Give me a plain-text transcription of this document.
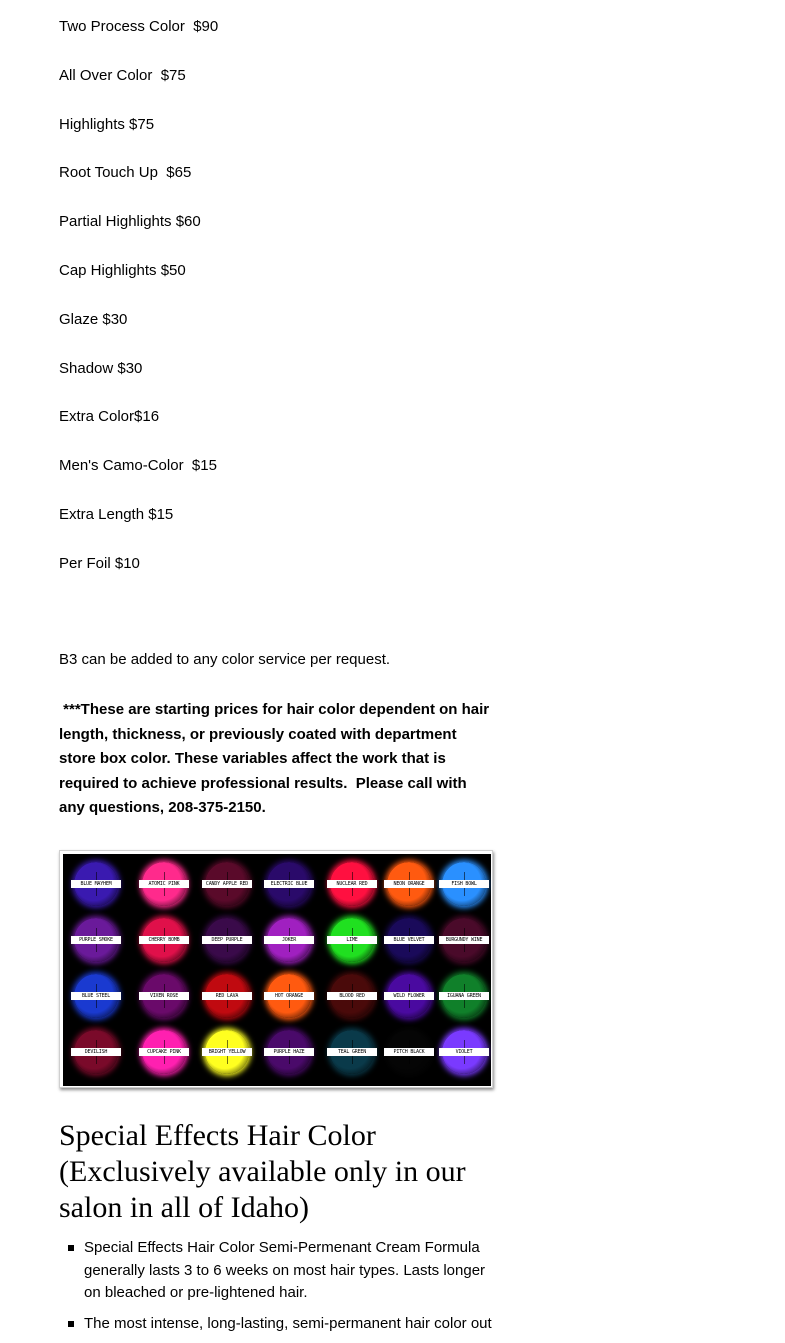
Two Process Color  $90

All Over Color  $75

Highlights $75

Root Touch Up  $65

Partial Highlights $60

Cap Highlights $50

Glaze $30

Shadow $30

Extra Color$16

Men's Camo-Color  $15

Extra Length $15

Per Foil $10

B3 can be added to any color service per request.

***These are starting prices for hair color dependent on hair length, thickness, or previously coated with department store box color. These variables affect the work that is required to achieve professional results.  Please call with any questions, 208-375-2150.

BLUE MAYHEM	ATOMIC PINK	CANDY APPLE RED	ELECTRIC BLUE	NUCLEAR RED	NEON ORANGE	FISH BOWL
PURPLE SMOKE	CHERRY BOMB	DEEP PURPLE	JOKER	LIME	BLUE VELVET	BURGUNDY WINE
BLUE STEEL	VIXEN ROSE	RED LAVA	HOT ORANGE	BLOOD RED	WILD FLOWER	IGUANA GREEN
DEVILISH	CUPCAKE PINK	BRIGHT YELLOW	PURPLE HAZE	TEAL GREEN	PITCH BLACK	VIOLET
Special Effects Hair Color (Exclusively available only in our salon in all of Idaho)
Special Effects Hair Color Semi-Permenant Cream Formula generally lasts 3 to 6 weeks on most hair types. Lasts longer on bleached or pre-lightened hair.
The most intense, long-lasting, semi-permanent hair color out
